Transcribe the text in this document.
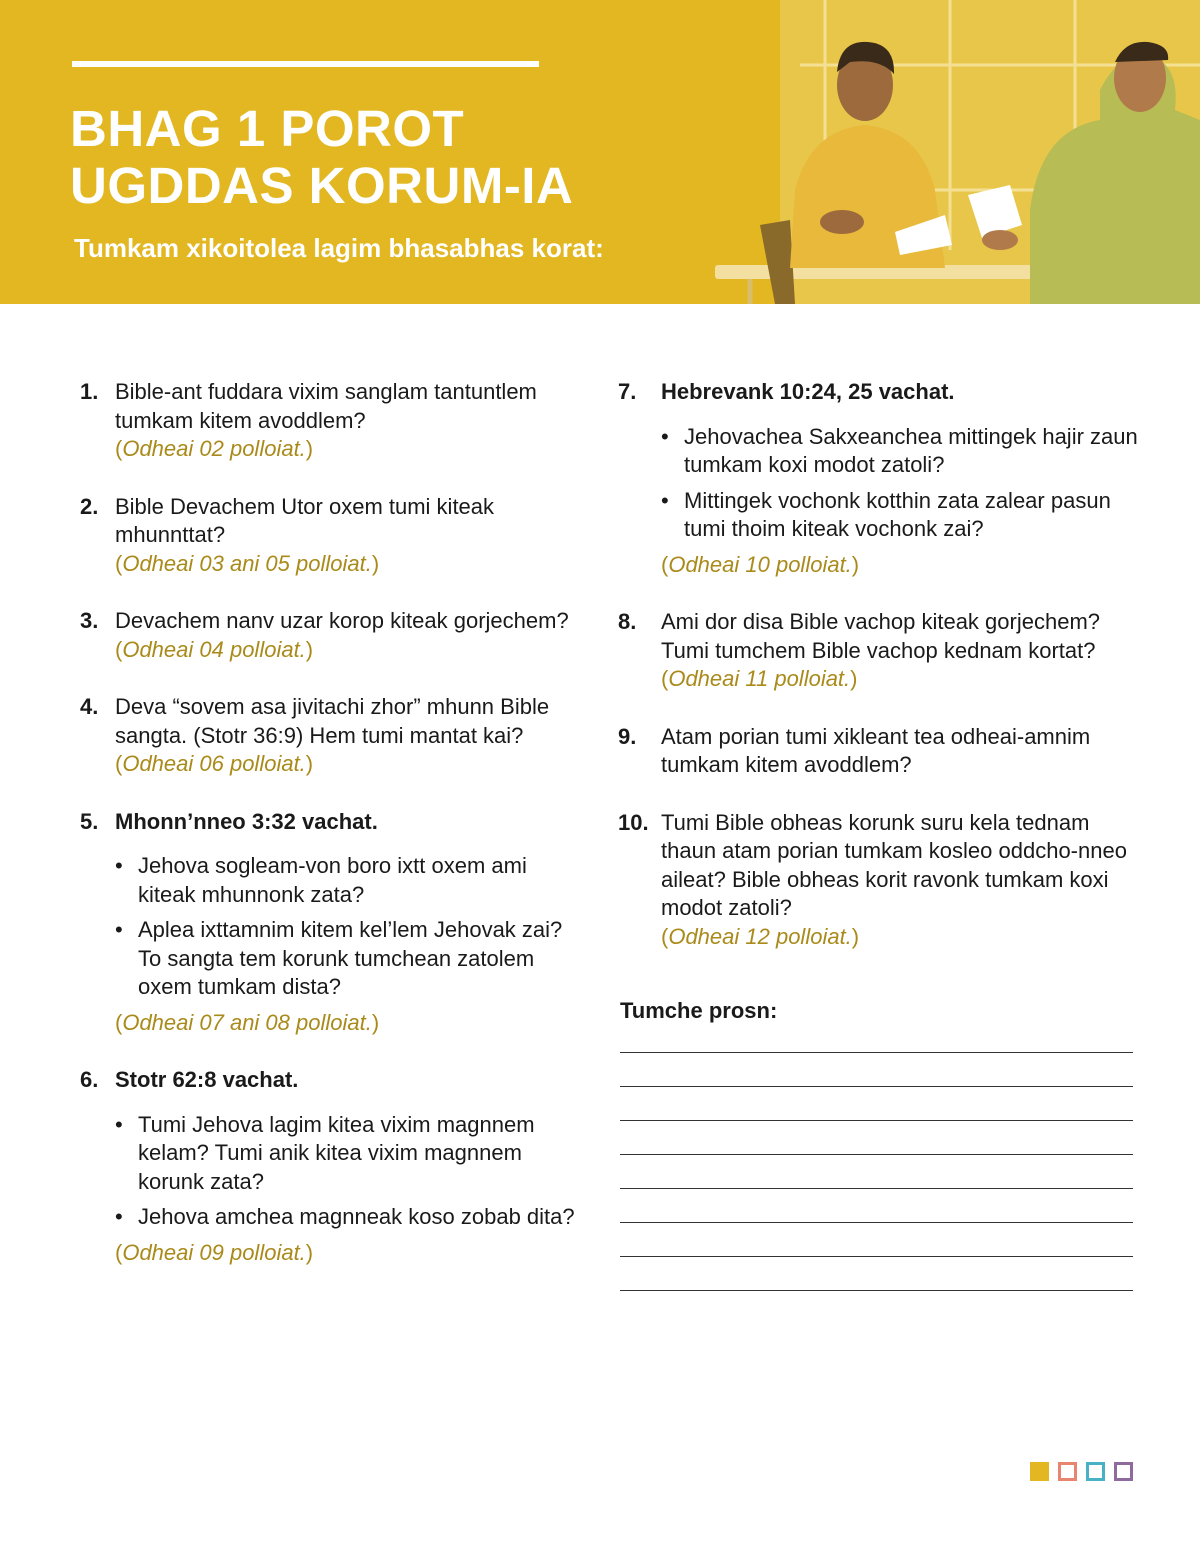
BHAG 1 POROT
UGDDAS KORUM-IA
Tumkam xikoitolea lagim bhasabhas korat:
1. Bible-ant fuddara vixim sanglam tantuntlem tumkam kitem avoddlem?
(Odheai 02 polloiat.)
2. Bible Devachem Utor oxem tumi kiteak mhunnttat?
(Odheai 03 ani 05 polloiat.)
3. Devachem nanv uzar korop kiteak gorjechem?
(Odheai 04 polloiat.)
4. Deva “sovem asa jivitachi zhor” mhunn Bible sangta. (Stotr 36:9) Hem tumi mantat kai?
(Odheai 06 polloiat.)
5. Mhonn’nneo 3:32 vachat.
• Jehova sogleam-von boro ixtt oxem ami kiteak mhunnonk zata?
• Aplea ixttamnim kitem kel’lem Jehovak zai? To sangta tem korunk tumchean zatolem oxem tumkam dista?
(Odheai 07 ani 08 polloiat.)
6. Stotr 62:8 vachat.
• Tumi Jehova lagim kitea vixim magnnem kelam? Tumi anik kitea vixim magnnem korunk zata?
• Jehova amchea magnneak koso zobab dita?
(Odheai 09 polloiat.)
7. Hebrevank 10:24, 25 vachat.
• Jehovachea Sakxeanchea mittingek hajir zaun tumkam koxi modot zatoli?
• Mittingek vochonk kotthin zata zalear pasun tumi thoim kiteak vochonk zai?
(Odheai 10 polloiat.)
8. Ami dor disa Bible vachop kiteak gorjechem? Tumi tumchem Bible vachop kednam kortat?
(Odheai 11 polloiat.)
9. Atam porian tumi xikleant tea odheai-amnim tumkam kitem avoddlem?
10. Tumi Bible obheas korunk suru kela tednam thaun atam porian tumkam kosleo oddcho-nneo aileat? Bible obheas korit ravonk tumkam koxi modot zatoli?
(Odheai 12 polloiat.)
Tumche prosn:
